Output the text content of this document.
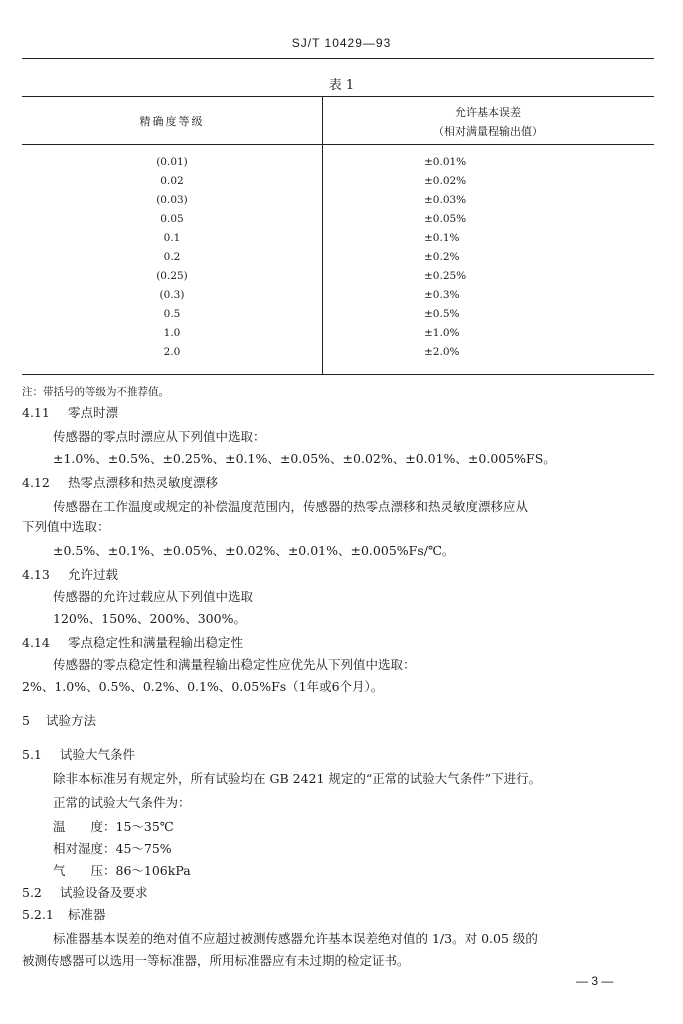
SJ/T 10429—93
表 1
精确度等级
允许基本误差
（相对满量程输出值）
(0.01)	±0.01%
0.02	±0.02%
(0.03)	±0.03%
0.05	±0.05%
0.1	±0.1%
0.2	±0.2%
(0.25)	±0.25%
(0.3)	±0.3%
0.5	±0.5%
1.0	±1.0%
2.0	±2.0%
注：带括号的等级为不推荐值。
4.11 零点时漂
传感器的零点时漂应从下列值中选取：
±1.0%、±0.5%、±0.25%、±0.1%、±0.05%、±0.02%、±0.01%、±0.005%FS。
4.12 热零点漂移和热灵敏度漂移
传感器在工作温度或规定的补偿温度范围内，传感器的热零点漂移和热灵敏度漂移应从
下列值中选取：
±0.5%、±0.1%、±0.05%、±0.02%、±0.01%、±0.005%Fs/℃。
4.13 允许过载
传感器的允许过载应从下列值中选取
120%、150%、200%、300%。
4.14 零点稳定性和满量程输出稳定性
传感器的零点稳定性和满量程输出稳定性应优先从下列值中选取：
2%、1.0%、0.5%、0.2%、0.1%、0.05%Fs（1年或6个月）。
5 试验方法
5.1 试验大气条件
除非本标准另有规定外，所有试验均在 GB 2421 规定的“正常的试验大气条件”下进行。
正常的试验大气条件为：
温　　度：15～35℃
相对湿度：45～75%
气　　压：86～106kPa
5.2 试验设备及要求
5.2.1 标准器
标准器基本误差的绝对值不应超过被测传感器允许基本误差绝对值的 1/3。对 0.05 级的
被测传感器可以选用一等标准器，所用标准器应有未过期的检定证书。
— 3 —
